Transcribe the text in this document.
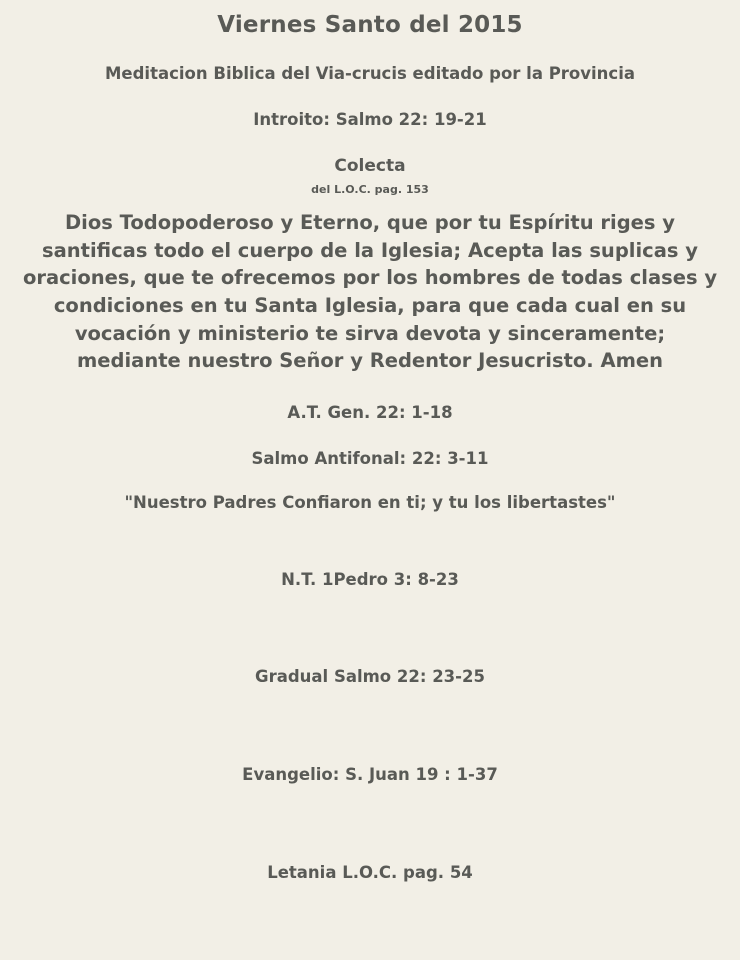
Viernes Santo del 2015
Meditacion Biblica del Via-crucis editado por la Provincia
Introito: Salmo 22: 19-21
Colecta
del L.O.C. pag. 153
Dios Todopoderoso y Eterno, que por tu Espíritu riges y santificas todo el cuerpo de la Iglesia; Acepta las suplicas y oraciones, que te ofrecemos por los hombres de todas clases y condiciones en tu Santa Iglesia, para que cada cual en su vocación y ministerio te sirva devota y sinceramente; mediante nuestro Señor y Redentor Jesucristo. Amen
A.T. Gen. 22: 1-18
Salmo Antifonal: 22: 3-11
"Nuestro Padres Confiaron en ti; y tu los libertastes"
N.T. 1Pedro 3: 8-23
Gradual Salmo 22: 23-25
Evangelio: S. Juan 19 : 1-37
Letania L.O.C. pag. 54
